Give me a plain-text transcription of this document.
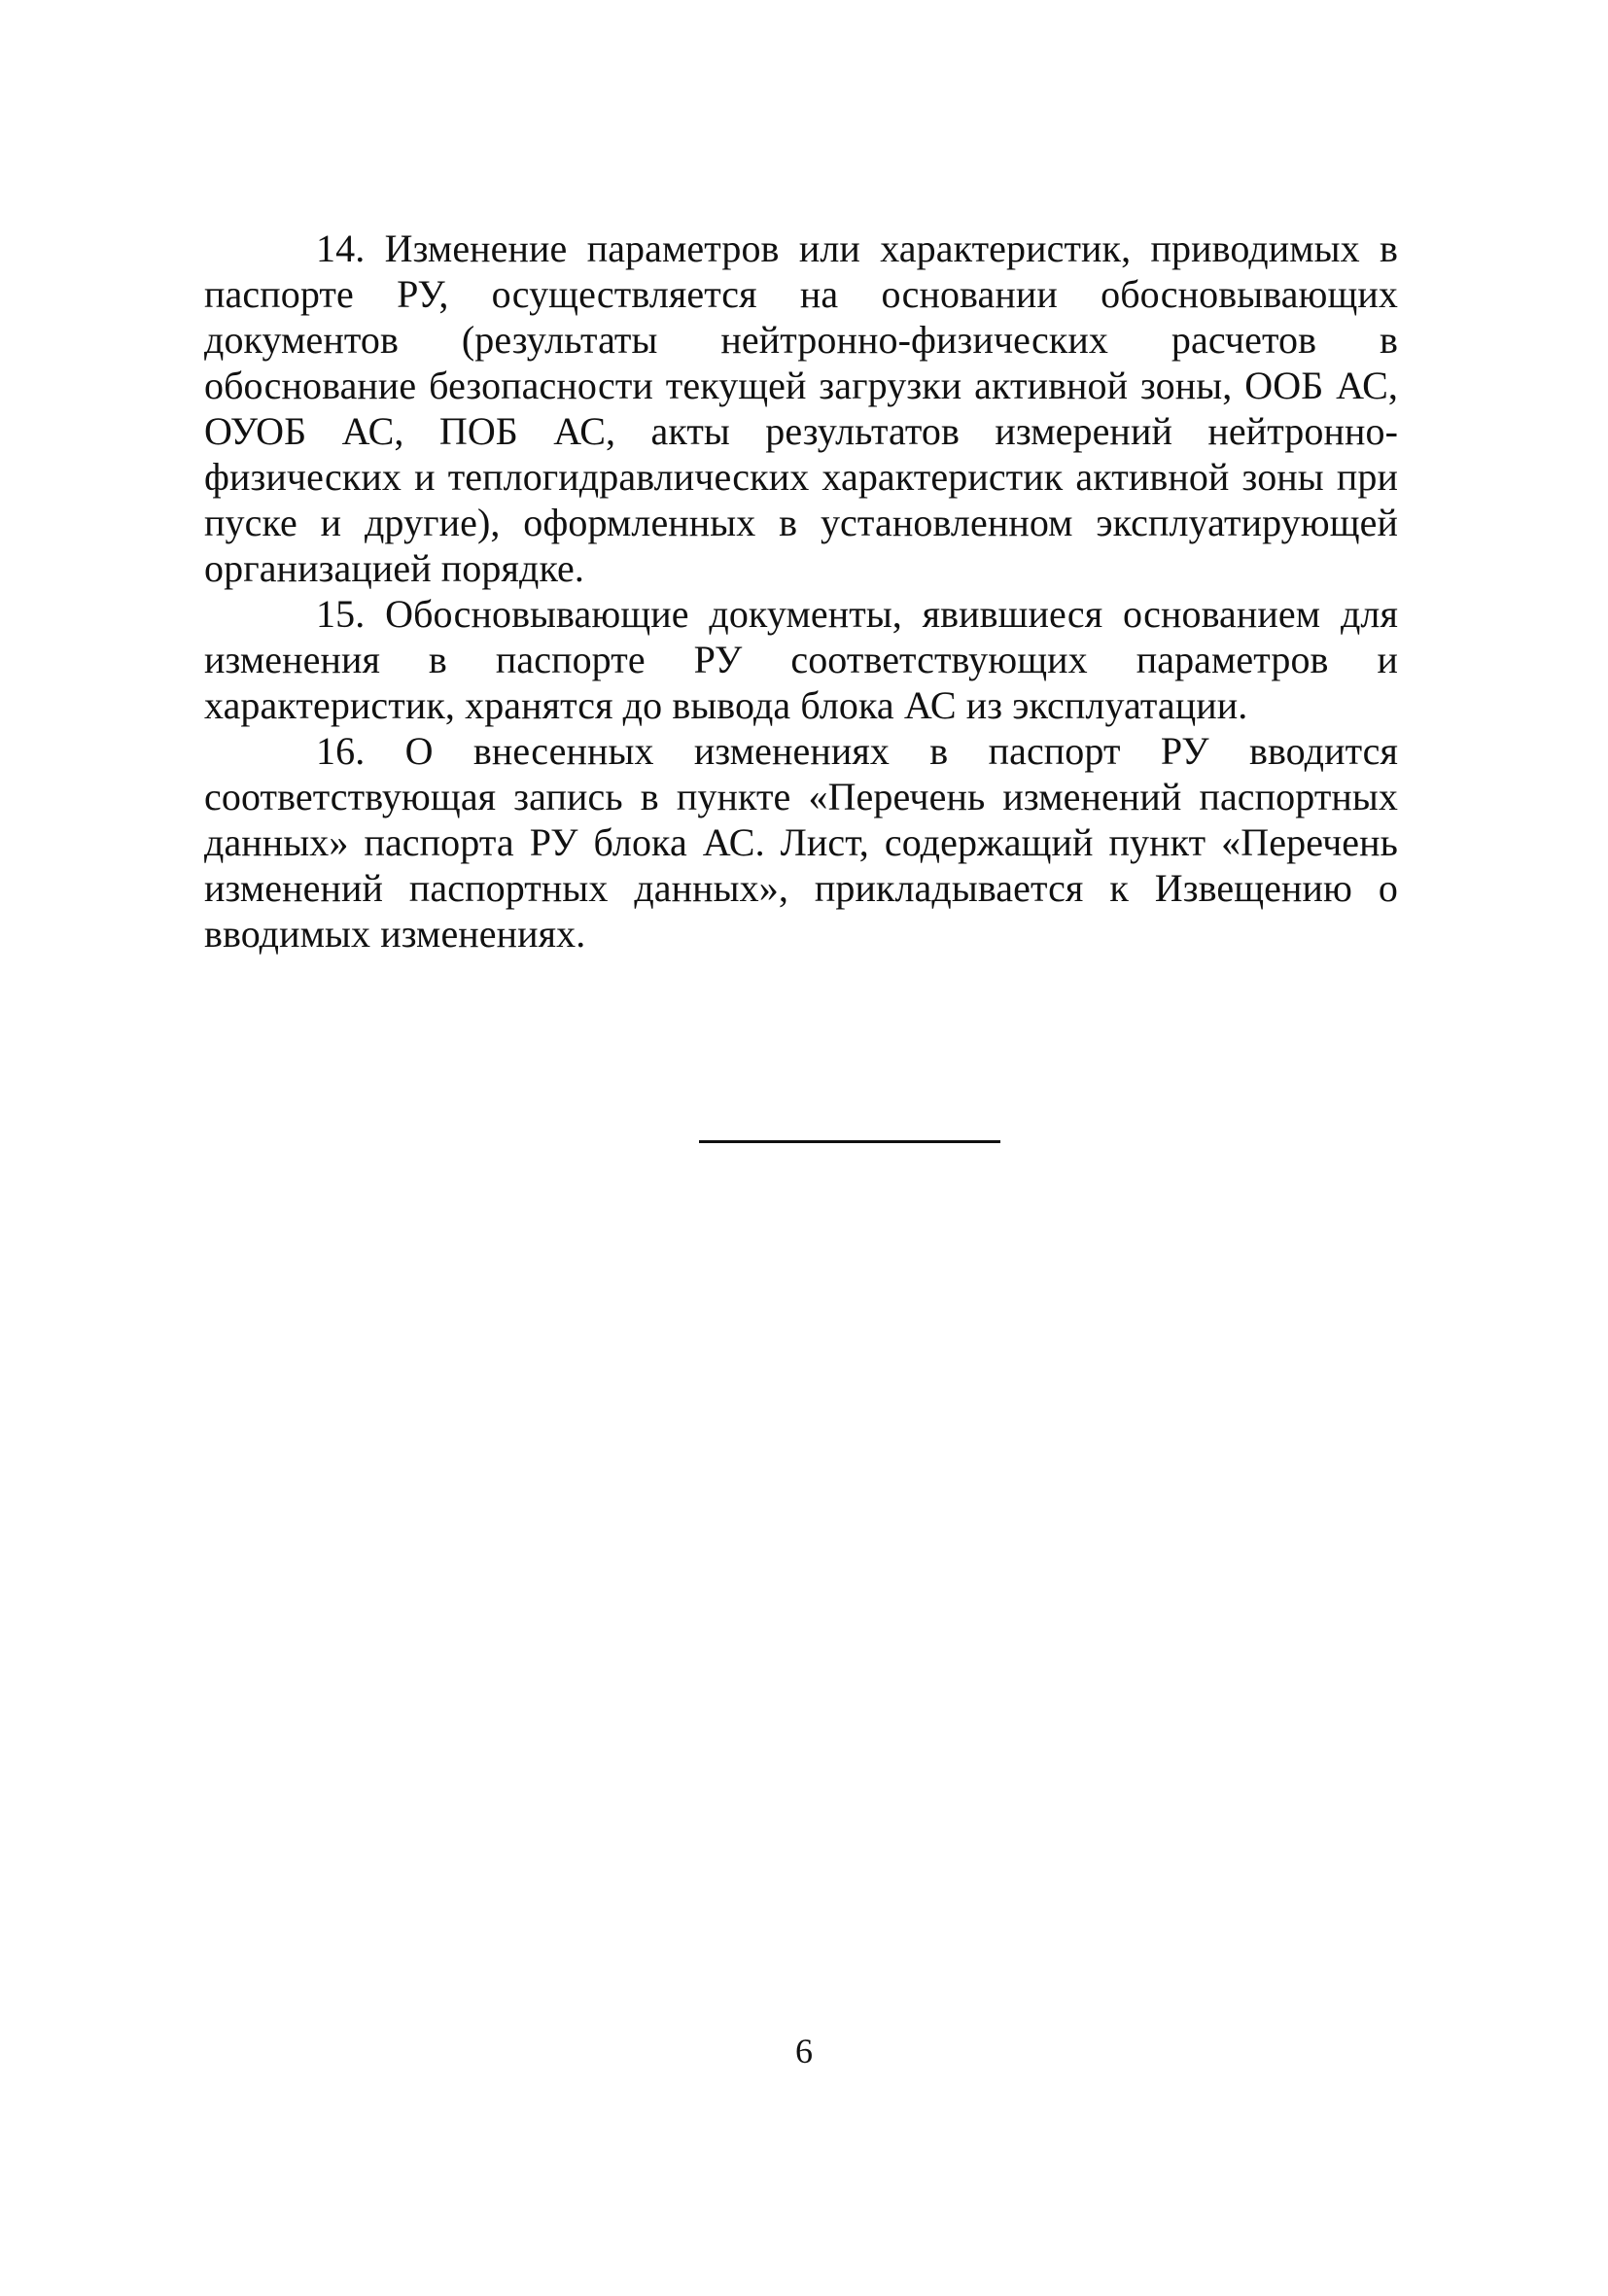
14. Изменение параметров или характеристик, приводимых в паспорте РУ, осуществляется на основании обосновывающих документов (результаты нейтронно-физических расчетов в обоснование безопасности текущей загрузки активной зоны, ООБ АС, ОУОБ АС, ПОБ АС, акты результатов измерений нейтронно-физических и теплогидравлических характеристик активной зоны при пуске и другие), оформленных в установленном эксплуатирующей организацией порядке.

15. Обосновывающие документы, явившиеся основанием для изменения в паспорте РУ соответствующих параметров и характеристик, хранятся до вывода блока АС из эксплуатации.

16. О внесенных изменениях в паспорт РУ вводится соответствующая запись в пункте «Перечень изменений паспортных данных» паспорта РУ блока АС. Лист, содержащий пункт «Перечень изменений паспортных данных», прикладывается к Извещению о вводимых изменениях.

6
